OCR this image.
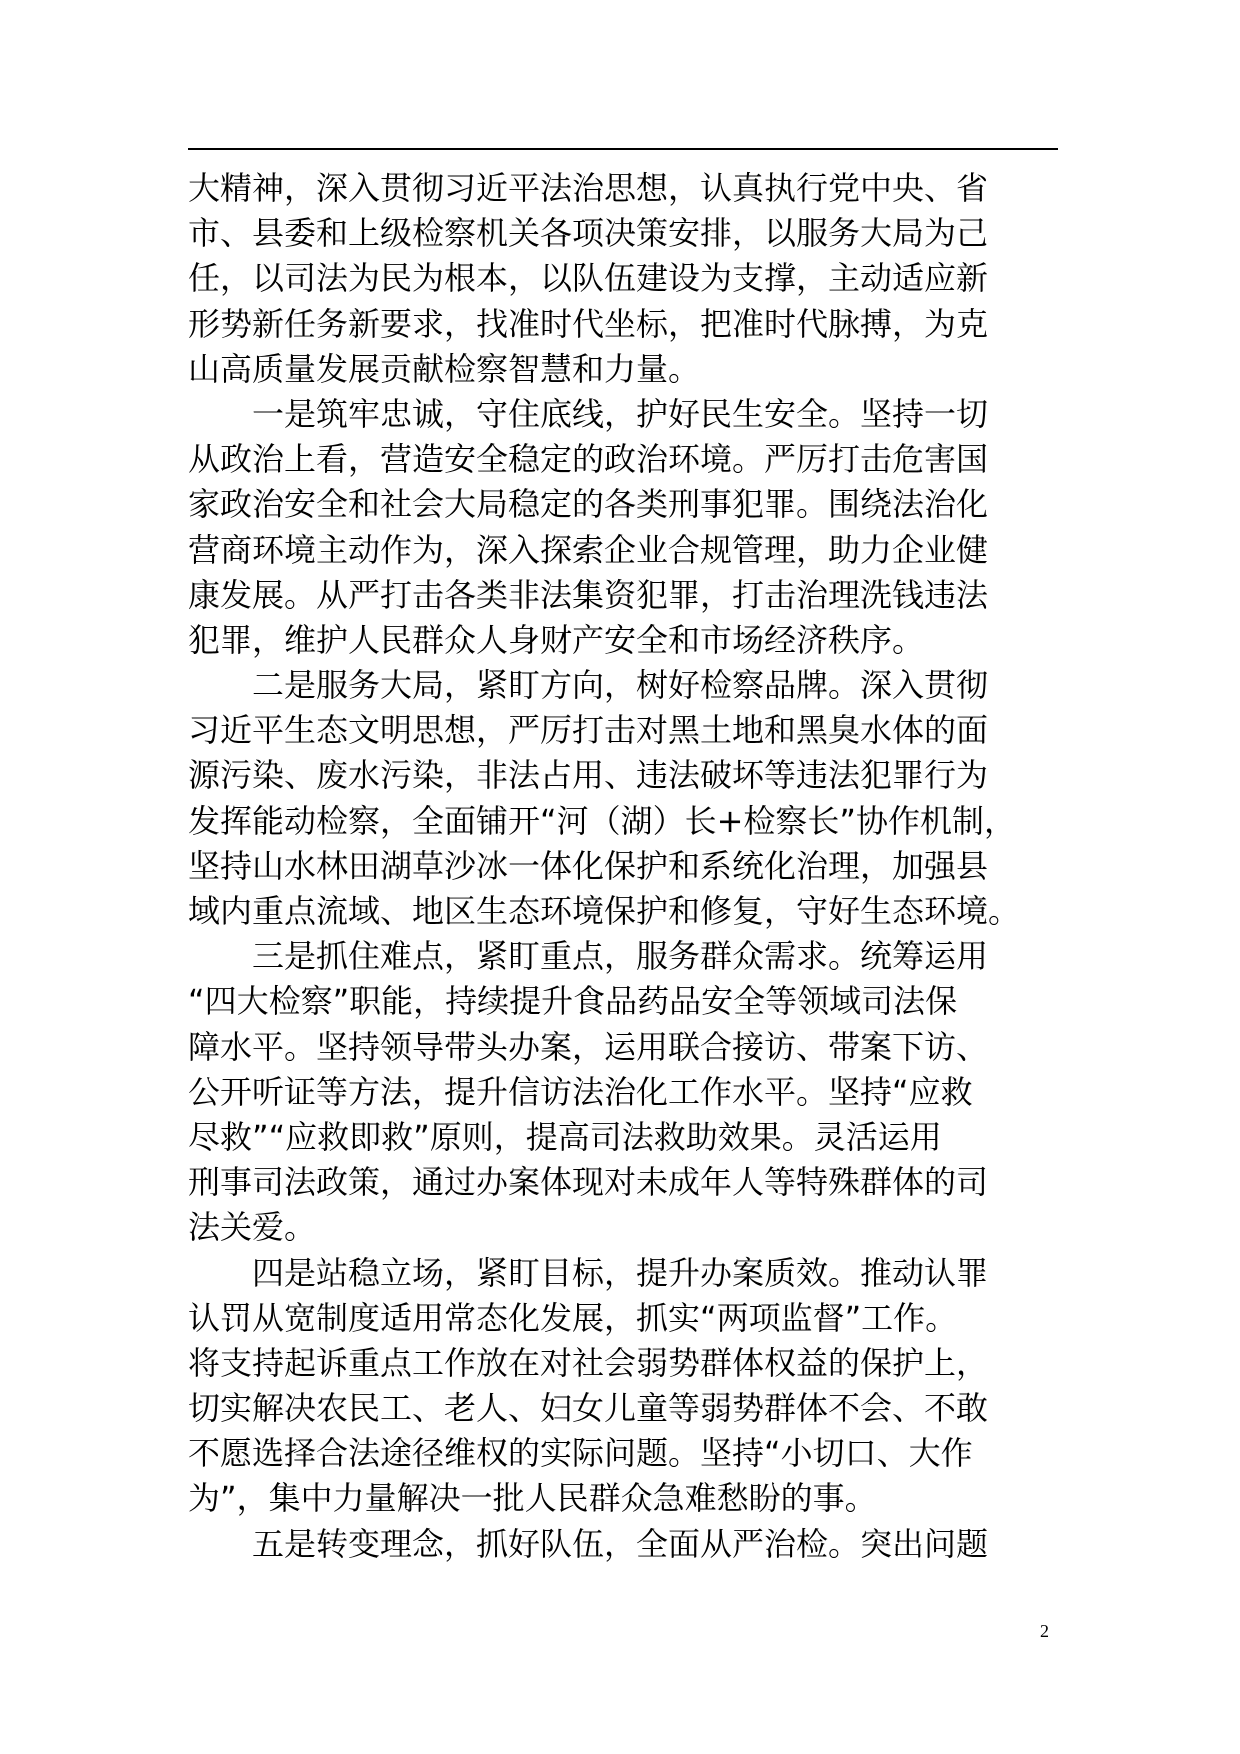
大精神，深入贯彻习近平法治思想，认真执行党中央、省
市、县委和上级检察机关各项决策安排，以服务大局为己
任，以司法为民为根本，以队伍建设为支撑，主动适应新
形势新任务新要求，找准时代坐标，把准时代脉搏，为克
山高质量发展贡献检察智慧和力量。
一是筑牢忠诚，守住底线，护好民生安全。坚持一切
从政治上看，营造安全稳定的政治环境。严厉打击危害国
家政治安全和社会大局稳定的各类刑事犯罪。围绕法治化
营商环境主动作为，深入探索企业合规管理，助力企业健
康发展。从严打击各类非法集资犯罪，打击治理洗钱违法
犯罪，维护人民群众人身财产安全和市场经济秩序。
二是服务大局，紧盯方向，树好检察品牌。深入贯彻
习近平生态文明思想，严厉打击对黑土地和黑臭水体的面
源污染、废水污染，非法占用、违法破坏等违法犯罪行为
发挥能动检察，全面铺开“河（湖）长+检察长”协作机制，
坚持山水林田湖草沙冰一体化保护和系统化治理，加强县
域内重点流域、地区生态环境保护和修复，守好生态环境。
三是抓住难点，紧盯重点，服务群众需求。统筹运用
“四大检察”职能，持续提升食品药品安全等领域司法保
障水平。坚持领导带头办案，运用联合接访、带案下访、
公开听证等方法，提升信访法治化工作水平。坚持“应救
尽救”“应救即救”原则，提高司法救助效果。灵活运用
刑事司法政策，通过办案体现对未成年人等特殊群体的司
法关爱。
四是站稳立场，紧盯目标，提升办案质效。推动认罪
认罚从宽制度适用常态化发展，抓实“两项监督”工作。
将支持起诉重点工作放在对社会弱势群体权益的保护上，
切实解决农民工、老人、妇女儿童等弱势群体不会、不敢
不愿选择合法途径维权的实际问题。坚持“小切口、大作
为”，集中力量解决一批人民群众急难愁盼的事。
五是转变理念，抓好队伍，全面从严治检。突出问题
2
